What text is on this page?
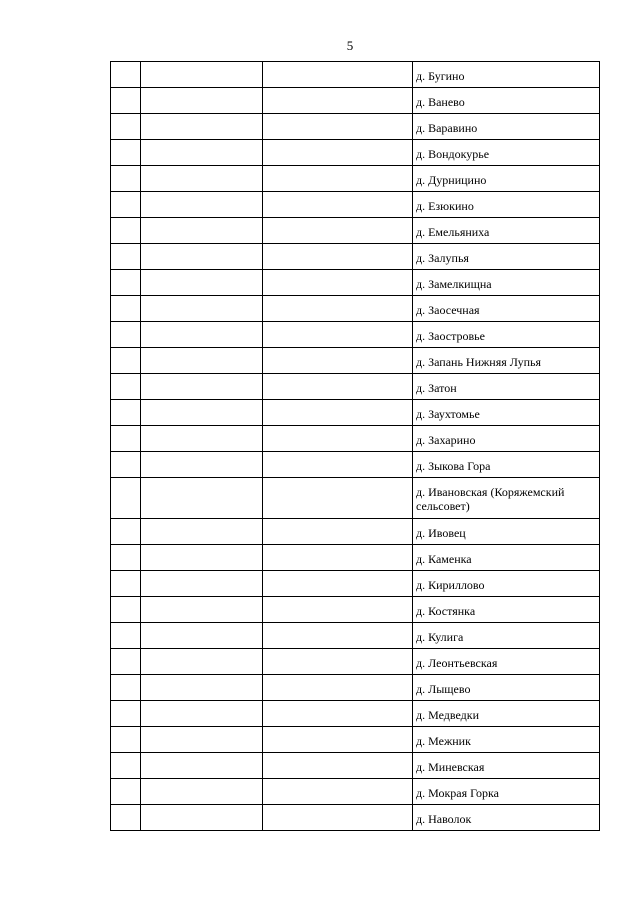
5
			д. Бугино
			д. Ванево
			д. Варавино
			д. Вондокурье
			д. Дурницино
			д. Езюкино
			д. Емельяниха
			д. Залупья
			д. Замелкищна
			д. Заосечная
			д. Заостровье
			д. Запань Нижняя Лупья
			д. Затон
			д. Заухтомье
			д. Захарино
			д. Зыкова Гора
			д. Ивановская (Коряжемский сельсовет)
			д. Ивовец
			д. Каменка
			д. Кириллово
			д. Костянка
			д. Кулига
			д. Леонтьевская
			д. Лыщево
			д. Медведки
			д. Межник
			д. Миневская
			д. Мокрая Горка
			д. Наволок
